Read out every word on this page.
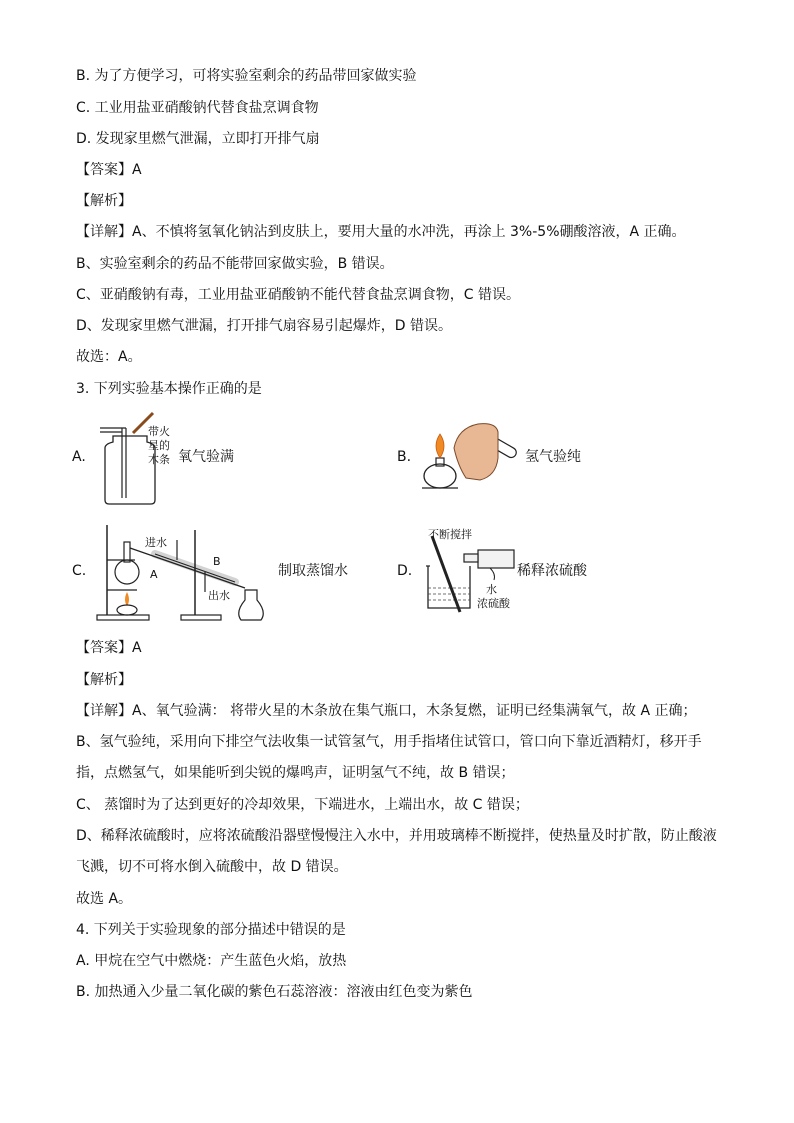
B. 为了方便学习，可将实验室剩余的药品带回家做实验
C. 工业用盐亚硝酸钠代替食盐烹调食物
D. 发现家里燃气泄漏，立即打开排气扇
【答案】A
【解析】
【详解】A、不慎将氢氧化钠沾到皮肤上，要用大量的水冲洗，再涂上 3%-5%硼酸溶液，A 正确。
B、实验室剩余的药品不能带回家做实验，B 错误。
C、亚硝酸钠有毒，工业用盐亚硝酸钠不能代替食盐烹调食物，C 错误。
D、发现家里燃气泄漏，打开排气扇容易引起爆炸，D 错误。
故选：A。
3. 下列实验基本操作正确的是
A.
带火
星的
木条 氧气验满	B.	氢气验纯
C.
进水
出水
A
B
制取蒸馏水	D.
不断搅拌
水
浓硫酸
稀释浓硫酸
【答案】A
【解析】
【详解】A、氧气验满： 将带火星的木条放在集气瓶口，木条复燃，证明已经集满氧气，故 A 正确；
B、氢气验纯，采用向下排空气法收集一试管氢气，用手指堵住试管口，管口向下靠近酒精灯，移开手
指，点燃氢气，如果能听到尖锐的爆鸣声，证明氢气不纯，故 B 错误；
C、 蒸馏时为了达到更好的冷却效果，下端进水，上端出水，故 C 错误；
D、稀释浓硫酸时，应将浓硫酸沿器壁慢慢注入水中，并用玻璃棒不断搅拌，使热量及时扩散，防止酸液
飞溅，切不可将水倒入硫酸中，故 D 错误。
故选 A。
4. 下列关于实验现象的部分描述中错误的是
A. 甲烷在空气中燃烧：产生蓝色火焰，放热
B. 加热通入少量二氧化碳的紫色石蕊溶液：溶液由红色变为紫色
